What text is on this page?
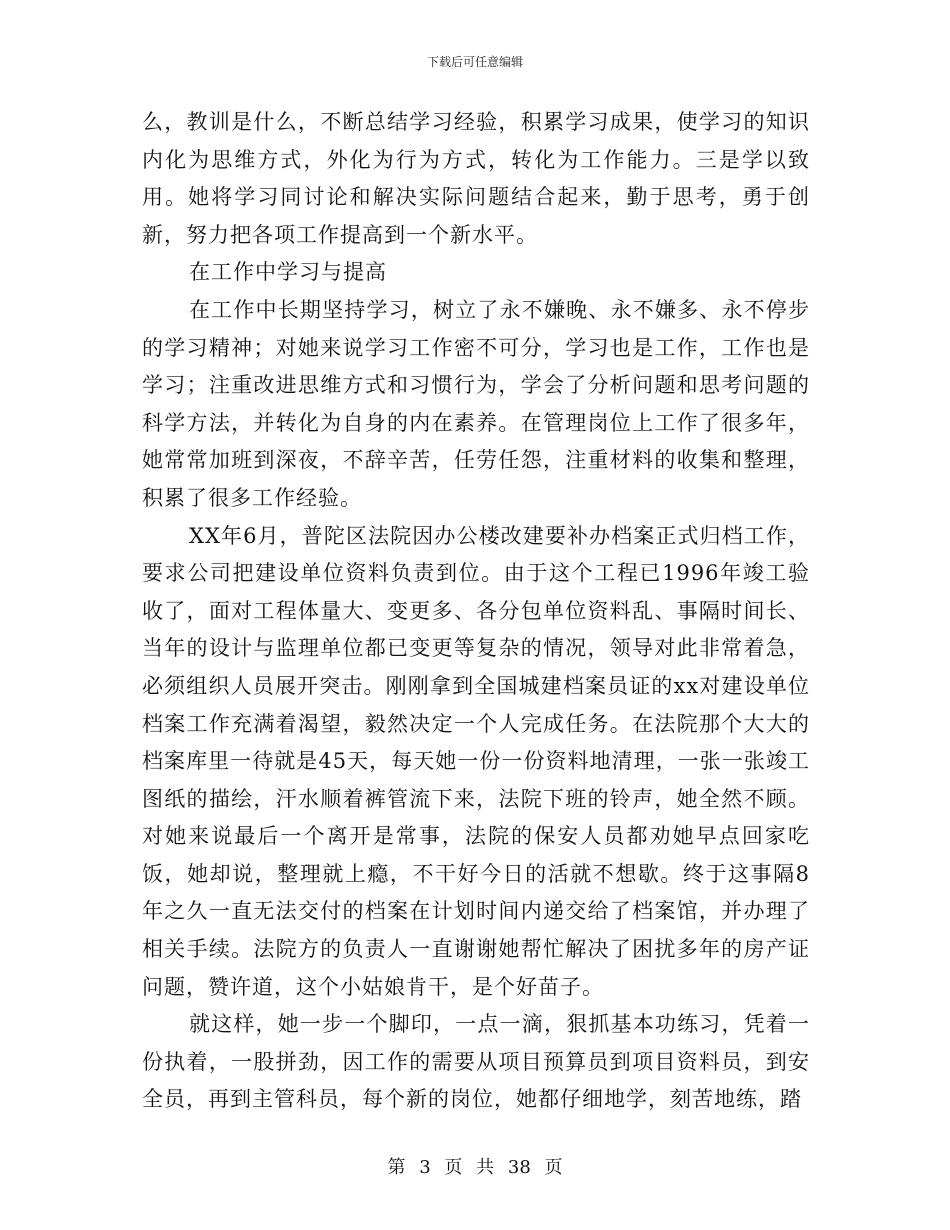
下载后可任意编辑

么，教训是什么，不断总结学习经验，积累学习成果，使学习的知识内化为思维方式，外化为行为方式，转化为工作能力。三是学以致用。她将学习同讨论和解决实际问题结合起来，勤于思考，勇于创新，努力把各项工作提高到一个新水平。

在工作中学习与提高

在工作中长期坚持学习，树立了永不嫌晚、永不嫌多、永不停步的学习精神；对她来说学习工作密不可分，学习也是工作，工作也是学习；注重改进思维方式和习惯行为，学会了分析问题和思考问题的科学方法，并转化为自身的内在素养。在管理岗位上工作了很多年，她常常加班到深夜，不辞辛苦，任劳任怨，注重材料的收集和整理，积累了很多工作经验。

XX年6月，普陀区法院因办公楼改建要补办档案正式归档工作，要求公司把建设单位资料负责到位。由于这个工程已1996年竣工验收了，面对工程体量大、变更多、各分包单位资料乱、事隔时间长、当年的设计与监理单位都已变更等复杂的情况，领导对此非常着急，必须组织人员展开突击。刚刚拿到全国城建档案员证的xx对建设单位档案工作充满着渴望，毅然决定一个人完成任务。在法院那个大大的档案库里一待就是45天，每天她一份一份资料地清理，一张一张竣工图纸的描绘，汗水顺着裤管流下来，法院下班的铃声，她全然不顾。对她来说最后一个离开是常事，法院的保安人员都劝她早点回家吃饭，她却说，整理就上瘾，不干好今日的活就不想歇。终于这事隔8年之久一直无法交付的档案在计划时间内递交给了档案馆，并办理了相关手续。法院方的负责人一直谢谢她帮忙解决了困扰多年的房产证问题，赞许道，这个小姑娘肯干，是个好苗子。

就这样，她一步一个脚印，一点一滴，狠抓基本功练习，凭着一份执着，一股拼劲，因工作的需要从项目预算员到项目资料员，到安全员，再到主管科员，每个新的岗位，她都仔细地学，刻苦地练，踏

第 3 页 共 38 页
